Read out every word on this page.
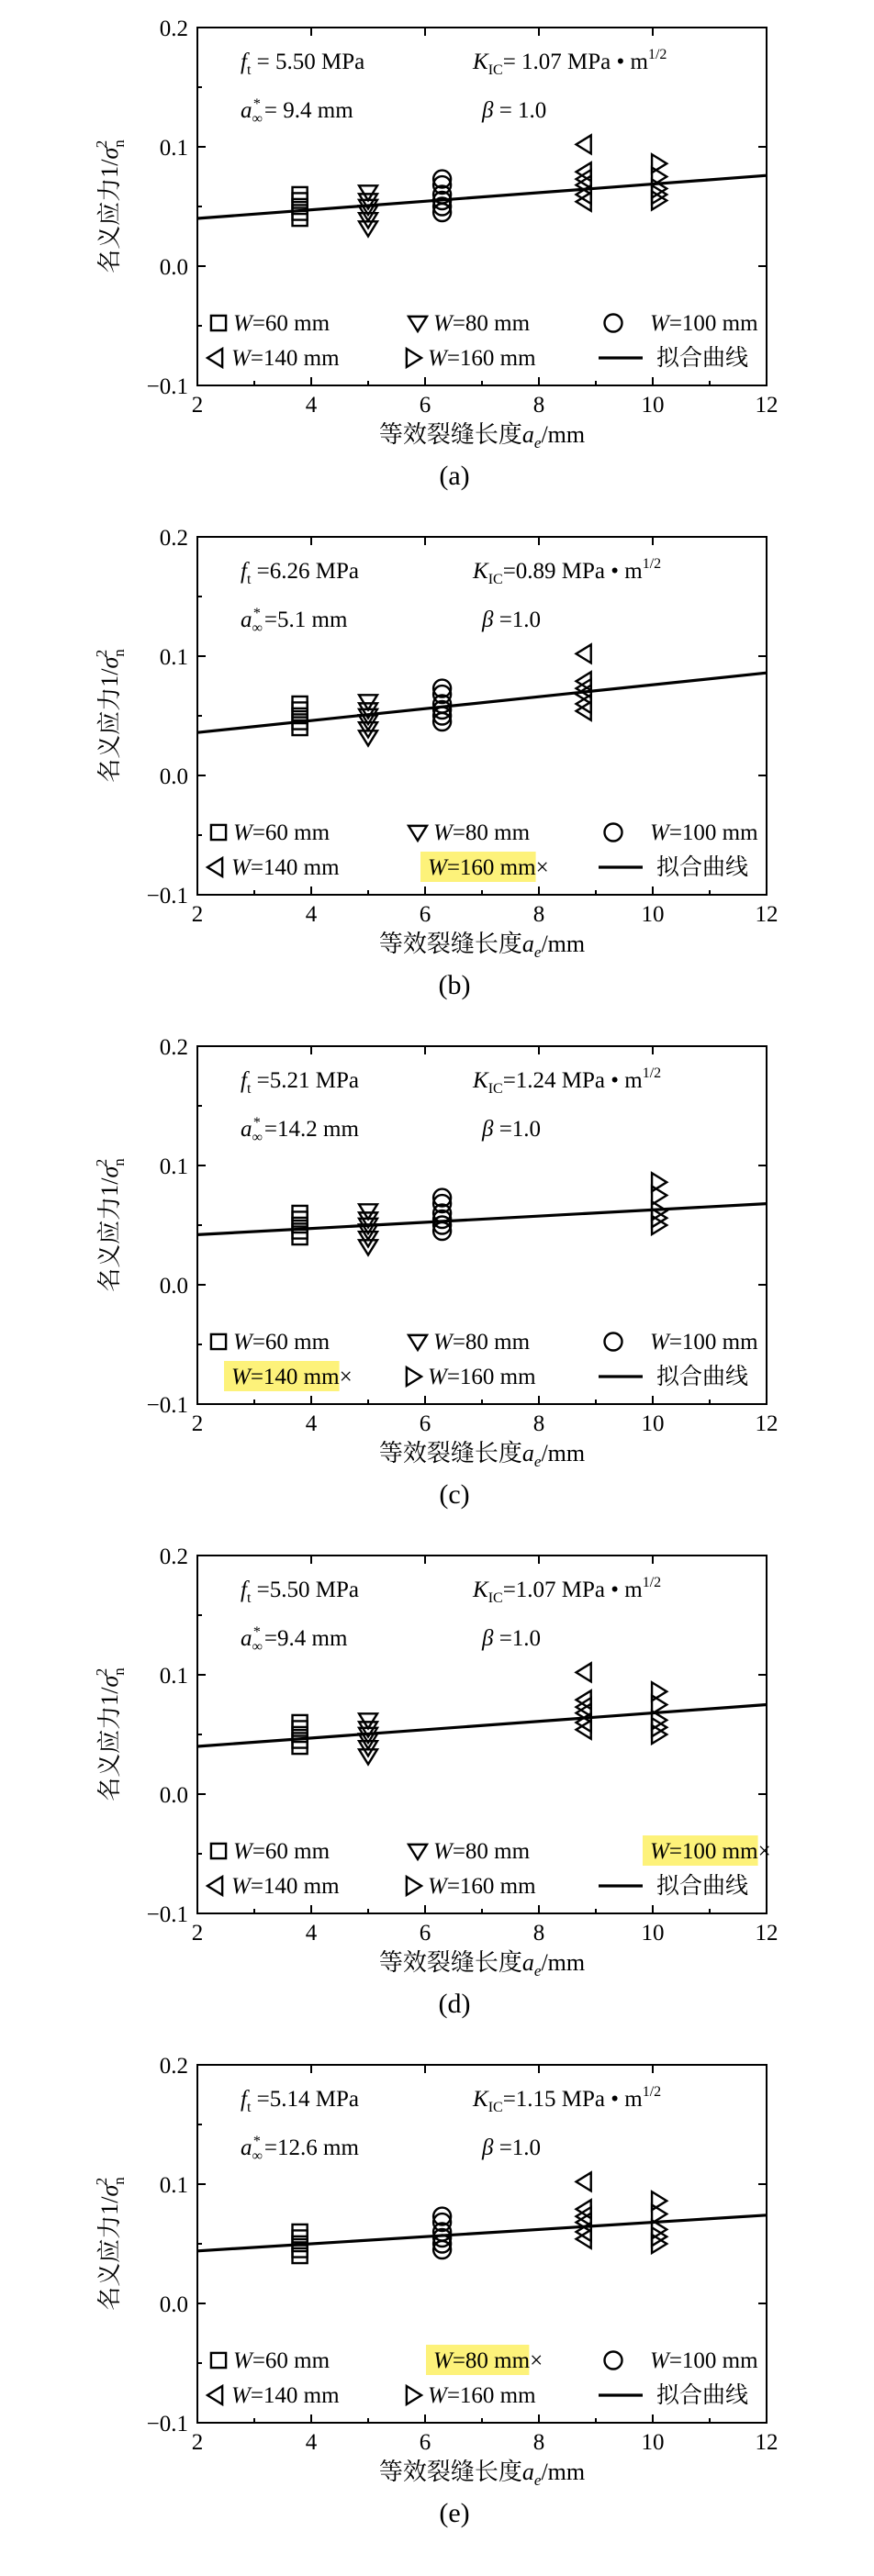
−0.1
0.0
0.1
0.2
2	4	6	8	10	12
等效裂缝长度$a_e/mm$
名义应力$1/\sigma_n2$
$f_t = 5.50$ MPa	$K_{IC}= 1.07$ MPa • $m^{1/2}$
$a_\infty* = 9.4$ mm	β = 1.0
W=60 mm	W=80 mm	W=100 mm
W=140 mm	W=160 mm	拟合曲线
(a)
−0.1
0.0
0.1
0.2
2	4	6	8	10	12
等效裂缝长度$a_e/mm$
名义应力$1/\sigma_n2$
$f_t =6.26$ MPa	$K_{IC}=0.89$ MPa • $m^{1/2}$
$a_\infty* =5.1$ mm	β =1.0
W=60 mm	W=80 mm	W=100 mm
W=140 mm	W=160 mm×	拟合曲线
(b)
−0.1
0.0
0.1
0.2
2	4	6	8	10	12
等效裂缝长度$a_e/mm$
名义应力$1/\sigma_n2$
$f_t =5.21$ MPa	$K_{IC}=1.24$ MPa • $m^{1/2}$
$a_\infty* =14.2$ mm	β =1.0
W=60 mm	W=80 mm	W=100 mm
W=140 mm×	W=160 mm	拟合曲线
(c)
−0.1
0.0
0.1
0.2
2	4	6	8	10	12
等效裂缝长度$a_e/mm$
名义应力$1/\sigma_n2$
$f_t =5.50$ MPa	$K_{IC}=1.07$ MPa • $m^{1/2}$
$a_\infty* =9.4$ mm	β =1.0
W=60 mm	W=80 mm	W=100 mm×
W=140 mm	W=160 mm	拟合曲线
(d)
−0.1
0.0
0.1
0.2
2	4	6	8	10	12
等效裂缝长度$a_e/mm$
名义应力$1/\sigma_n2$
$f_t =5.14$ MPa	$K_{IC}=1.15$ MPa • $m^{1/2}$
$a_\infty* =12.6$ mm	β =1.0
W=60 mm	W=80 mm×	W=100 mm
W=140 mm	W=160 mm	拟合曲线
(e)
